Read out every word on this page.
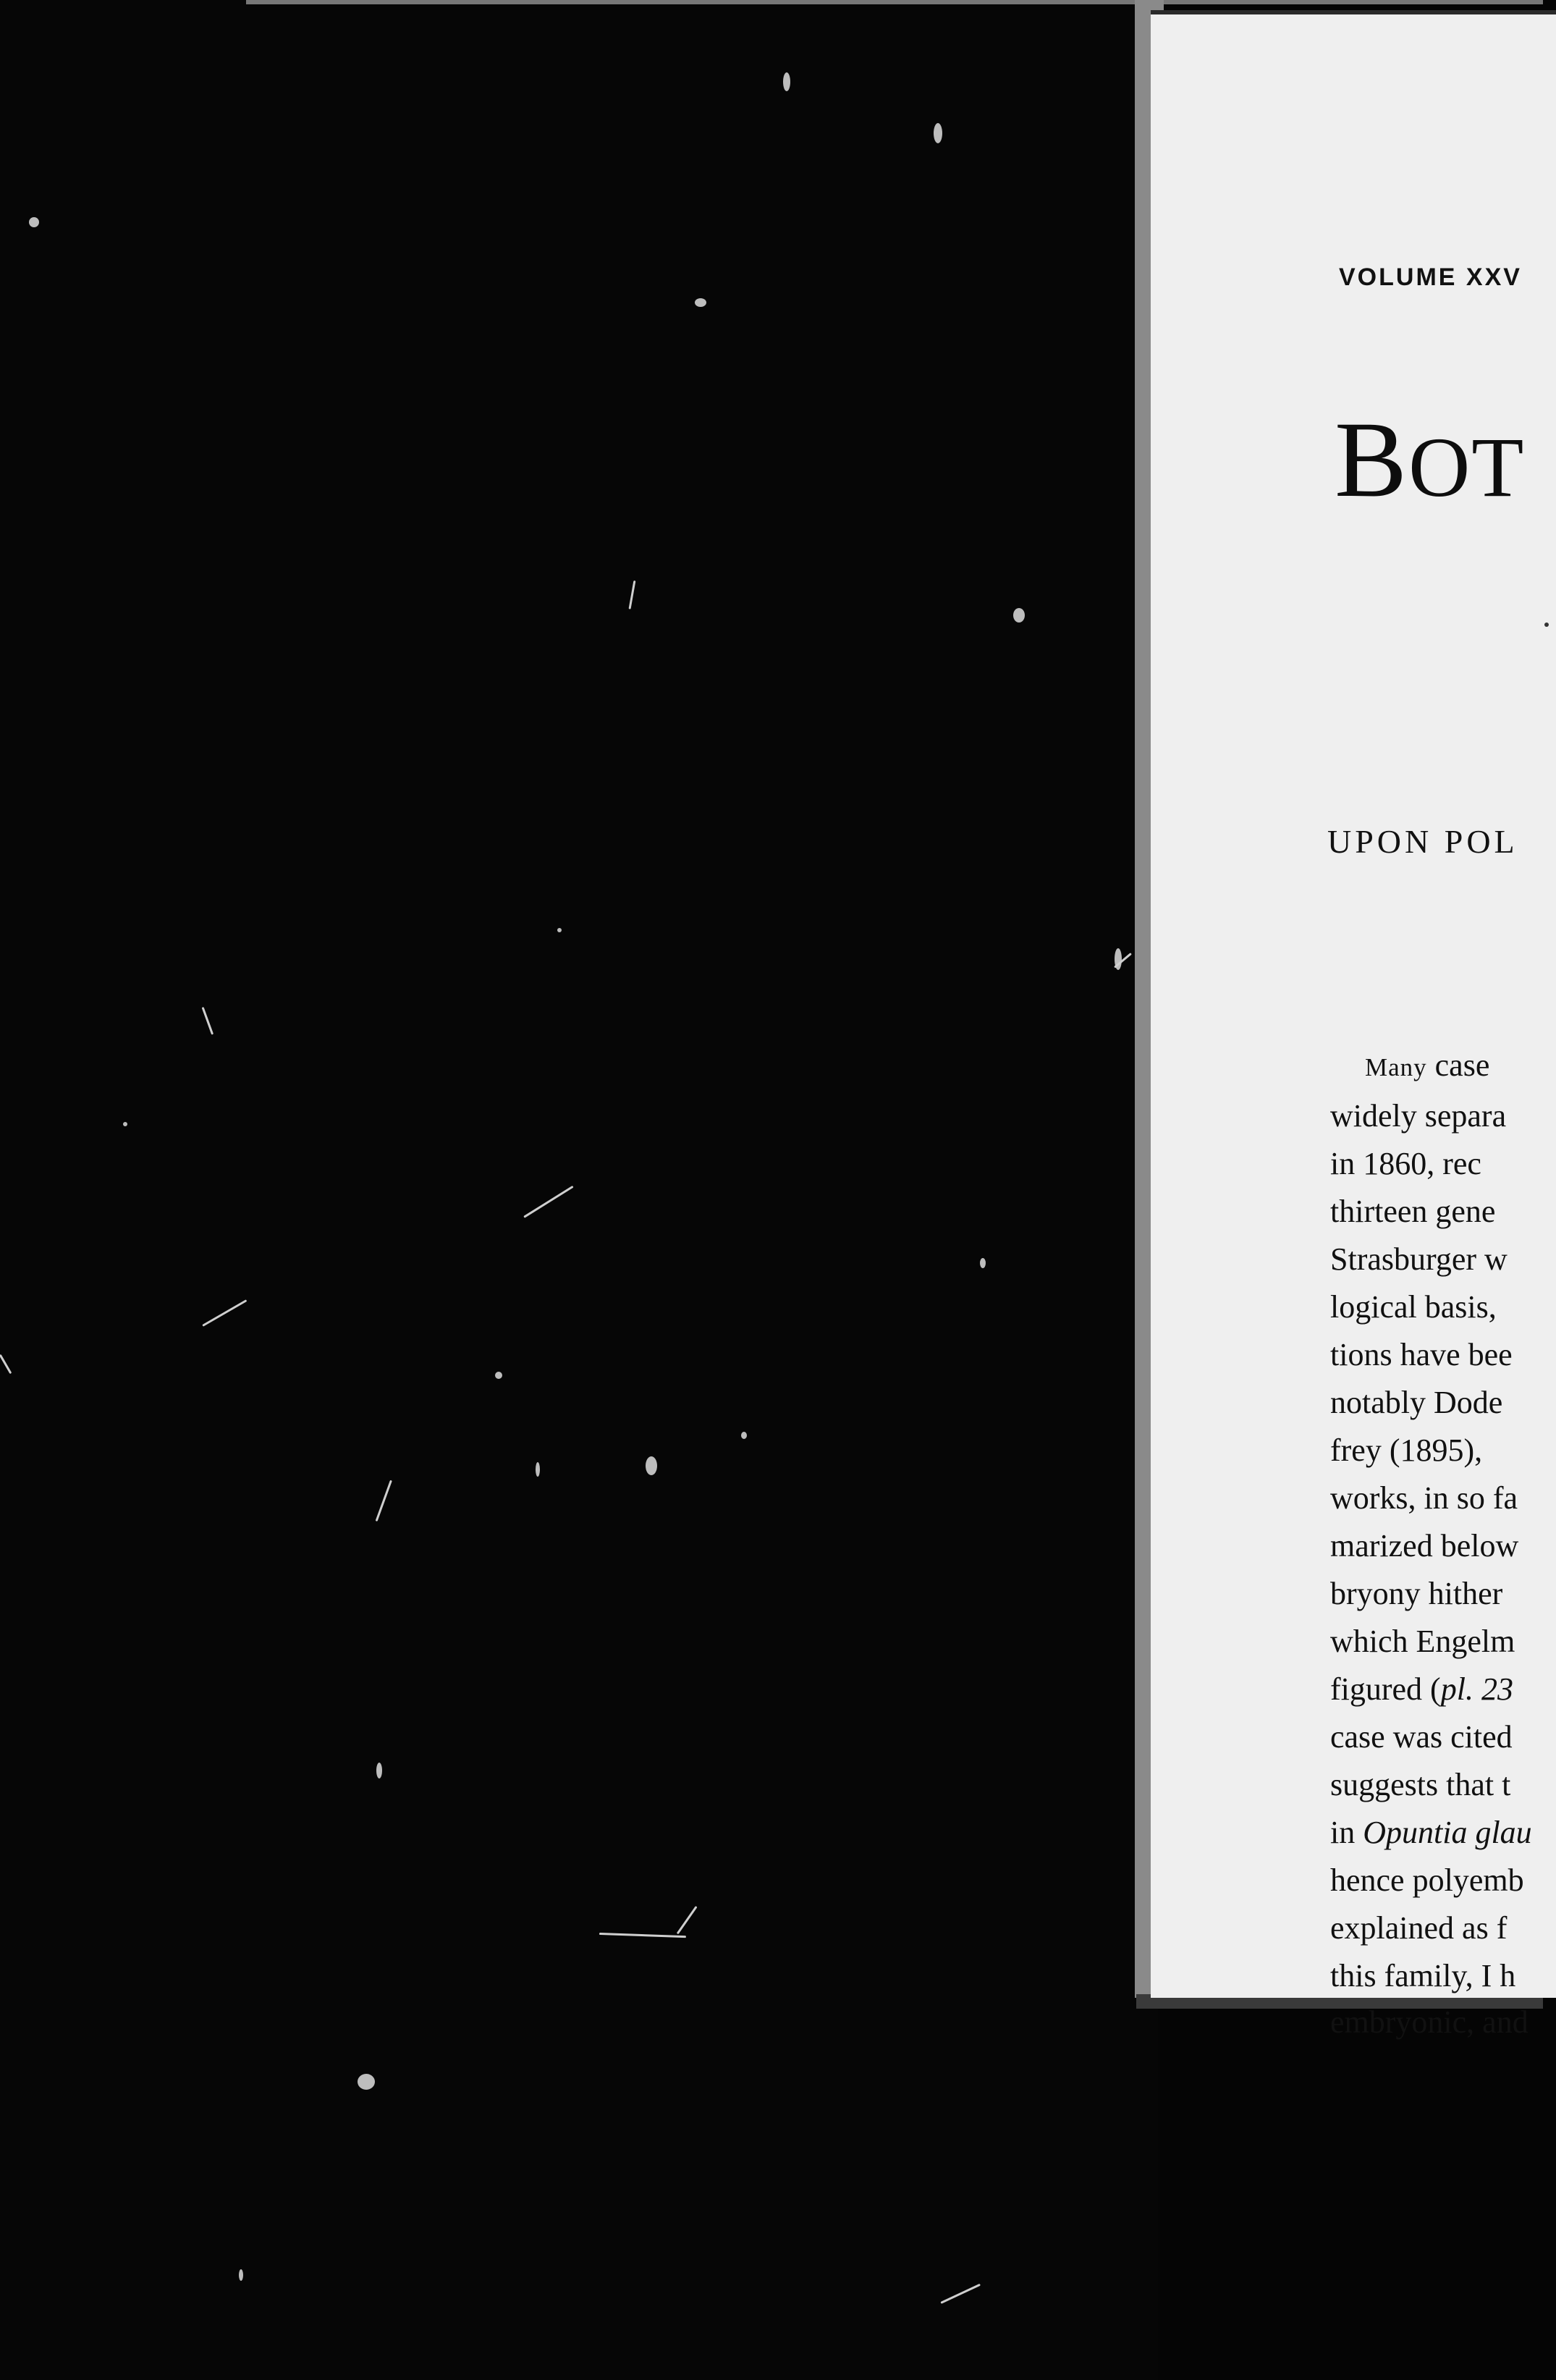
VOLUME XXV
BOT
UPON POL
Many case
widely separa
in 1860, rec
thirteen gene
Strasburger w
logical basis,
tions have bee
notably Dode
frey (1895),
works, in so fa
marized below
bryony hither
which Engelm
figured (pl. 23
case was cited
suggests that t
in Opuntia glau
hence polyemb
explained as f
this family, I h
embryonic, and
